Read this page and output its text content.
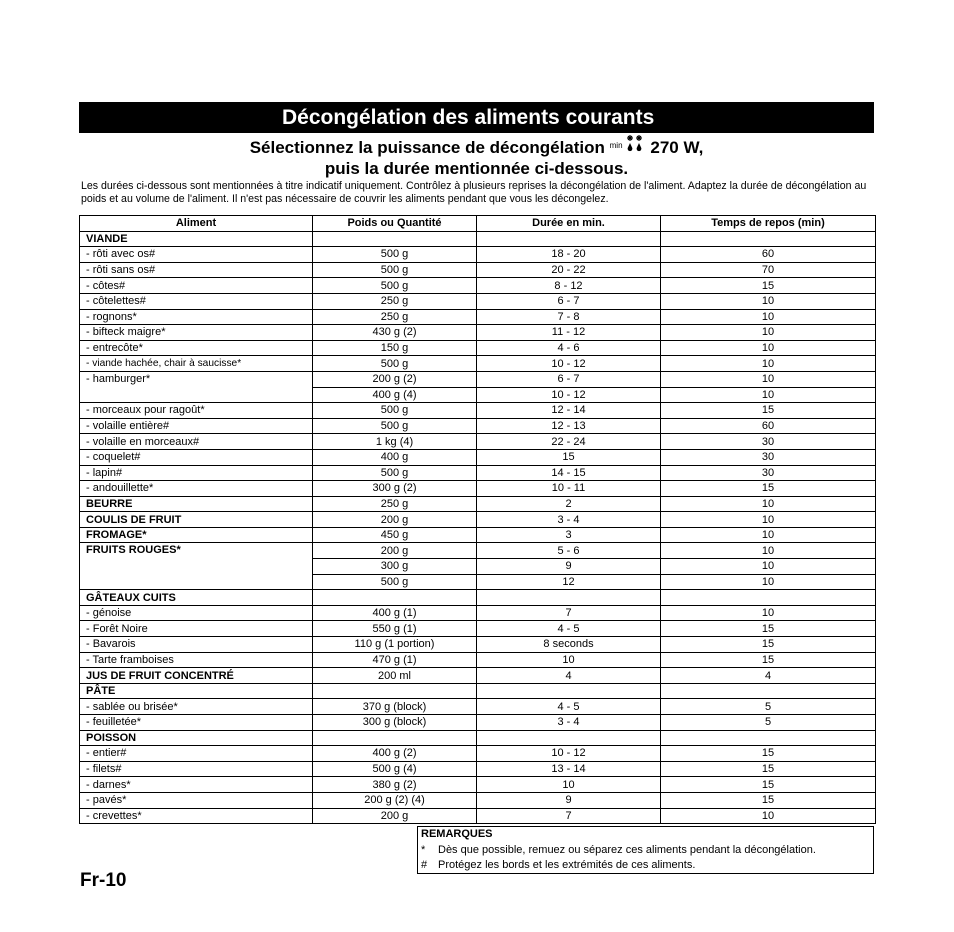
Décongélation des aliments courants
Sélectionnez la puissance de décongélation min 270 W,
puis la durée mentionnée ci-dessous.
Les durées ci-dessous sont mentionnées à titre indicatif uniquement. Contrôlez à plusieurs reprises la décongélation de l'aliment. Adaptez la durée de décongélation au poids et au volume de l'aliment. Il n'est pas nécessaire de couvrir les aliments pendant que vous les décongelez.
Aliment	Poids ou Quantité	Durée en min.	Temps de repos (min)
VIANDE			
- rôti avec os#	500 g	18 - 20	60
- rôti sans os#	500 g	20 - 22	70
- côtes#	500 g	8 - 12	15
- côtelettes#	250 g	6 - 7	10
- rognons*	250 g	7 - 8	10
- bifteck maigre*	430 g (2)	11 - 12	10
- entrecôte*	150 g	4 - 6	10
- viande hachée, chair à saucisse*	500 g	10 - 12	10
- hamburger*	200 g (2)	6 - 7	10
	400 g (4)	10 - 12	10
- morceaux pour ragoût*	500 g	12 - 14	15
- volaille entière#	500 g	12 - 13	60
- volaille en morceaux#	1 kg (4)	22 - 24	30
- coquelet#	400 g	15	30
- lapin#	500 g	14 - 15	30
- andouillette*	300 g (2)	10 - 11	15
BEURRE	250 g	2	10
COULIS DE FRUIT	200 g	3 - 4	10
FROMAGE*	450 g	3	10
FRUITS ROUGES*	200 g	5 - 6	10
	300 g	9	10
	500 g	12	10
GÂTEAUX CUITS			
- génoise	400 g (1)	7	10
- Forêt Noire	550 g (1)	4 - 5	15
- Bavarois	110 g (1 portion)	8 seconds	15
- Tarte framboises	470 g (1)	10	15
JUS DE FRUIT CONCENTRÉ	200 ml	4	4
PÂTE			
- sablée ou brisée*	370 g (block)	4 - 5	5
- feuilletée*	300 g (block)	3 - 4	5
POISSON			
- entier#	400 g (2)	10 - 12	15
- filets#	500 g (4)	13 - 14	15
- darnes*	380 g (2)	10	15
- pavés*	200 g (2) (4)	9	15
- crevettes*	200 g	7	10
REMARQUES
* Dès que possible, remuez ou séparez ces aliments pendant la décongélation.
# Protégez les bords et les extrémités de ces aliments.
Fr-10
